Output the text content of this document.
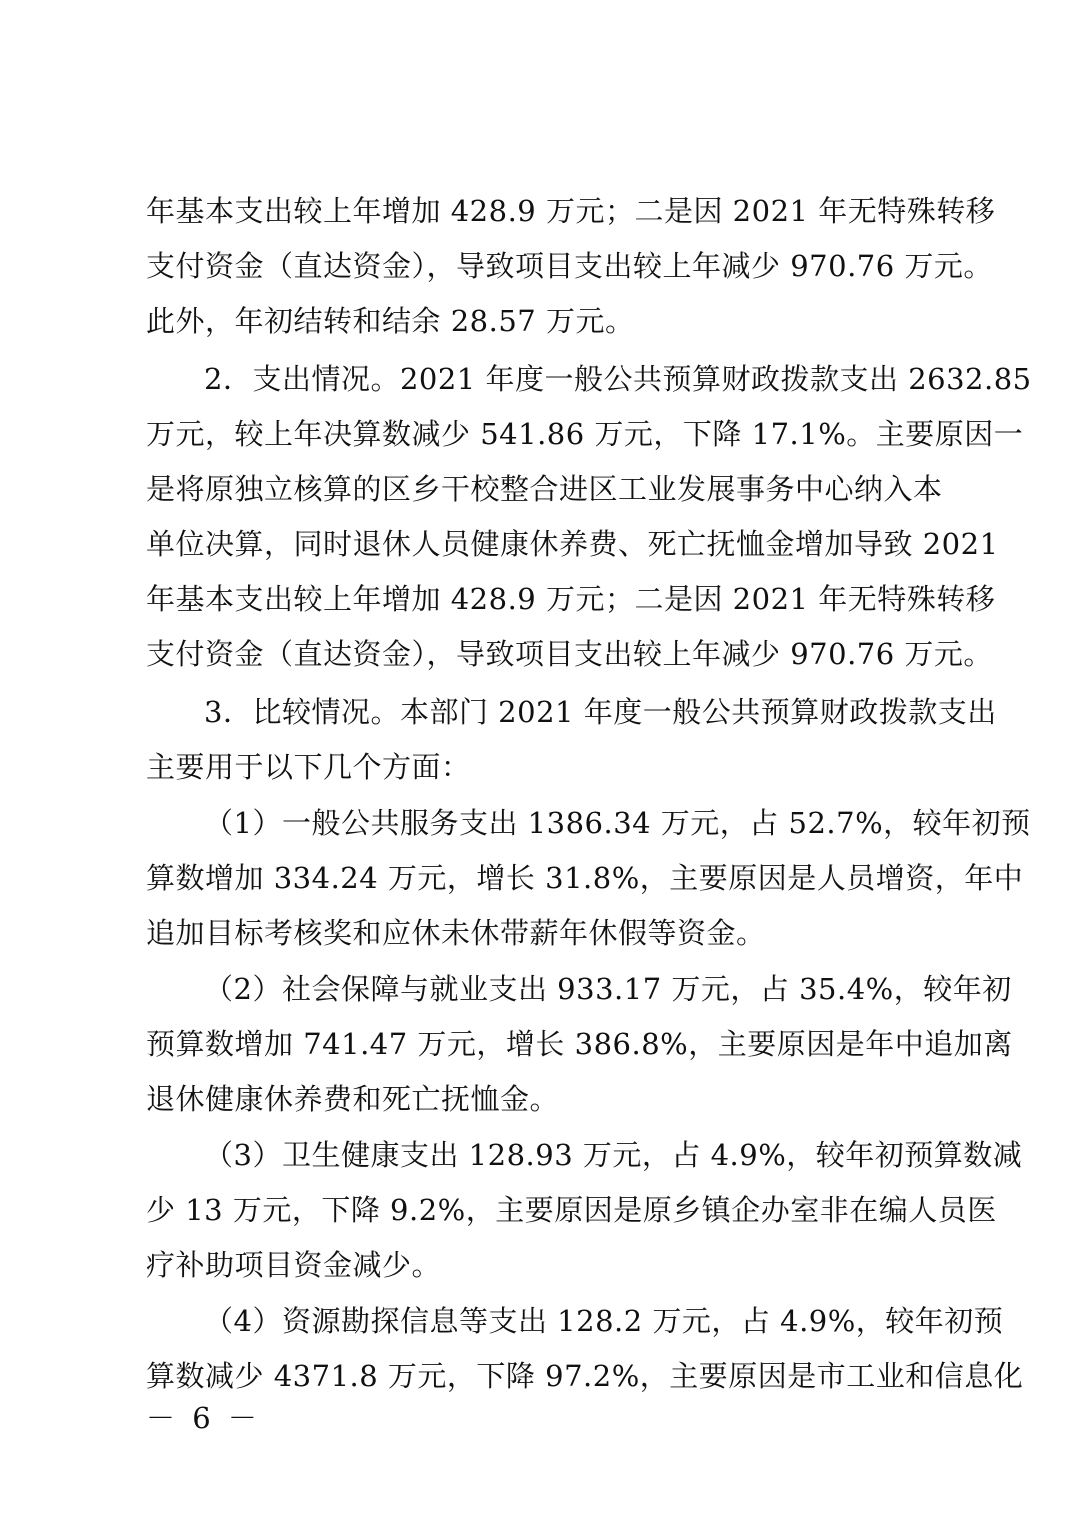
年基本支出较上年增加 428.9 万元；二是因 2021 年无特殊转移
支付资金（直达资金），导致项目支出较上年减少 970.76 万元。
此外，年初结转和结余 28.57 万元。
2．支出情况。2021 年度一般公共预算财政拨款支出 2632.85
万元，较上年决算数减少 541.86 万元，下降 17.1%。主要原因一
是将原独立核算的区乡干校整合进区工业发展事务中心纳入本
单位决算，同时退休人员健康休养费、死亡抚恤金增加导致 2021
年基本支出较上年增加 428.9 万元；二是因 2021 年无特殊转移
支付资金（直达资金），导致项目支出较上年减少 970.76 万元。
3．比较情况。本部门 2021 年度一般公共预算财政拨款支出
主要用于以下几个方面：
（1）一般公共服务支出 1386.34 万元，占 52.7%，较年初预
算数增加 334.24 万元，增长 31.8%，主要原因是人员增资，年中
追加目标考核奖和应休未休带薪年休假等资金。
（2）社会保障与就业支出 933.17 万元，占 35.4%，较年初
预算数增加 741.47 万元，增长 386.8%，主要原因是年中追加离
退休健康休养费和死亡抚恤金。
（3）卫生健康支出 128.93 万元，占 4.9%，较年初预算数减
少 13 万元，下降 9.2%，主要原因是原乡镇企办室非在编人员医
疗补助项目资金减少。
（4）资源勘探信息等支出 128.2 万元，占 4.9%，较年初预
算数减少 4371.8 万元，下降 97.2%，主要原因是市工业和信息化
－ 6 －
